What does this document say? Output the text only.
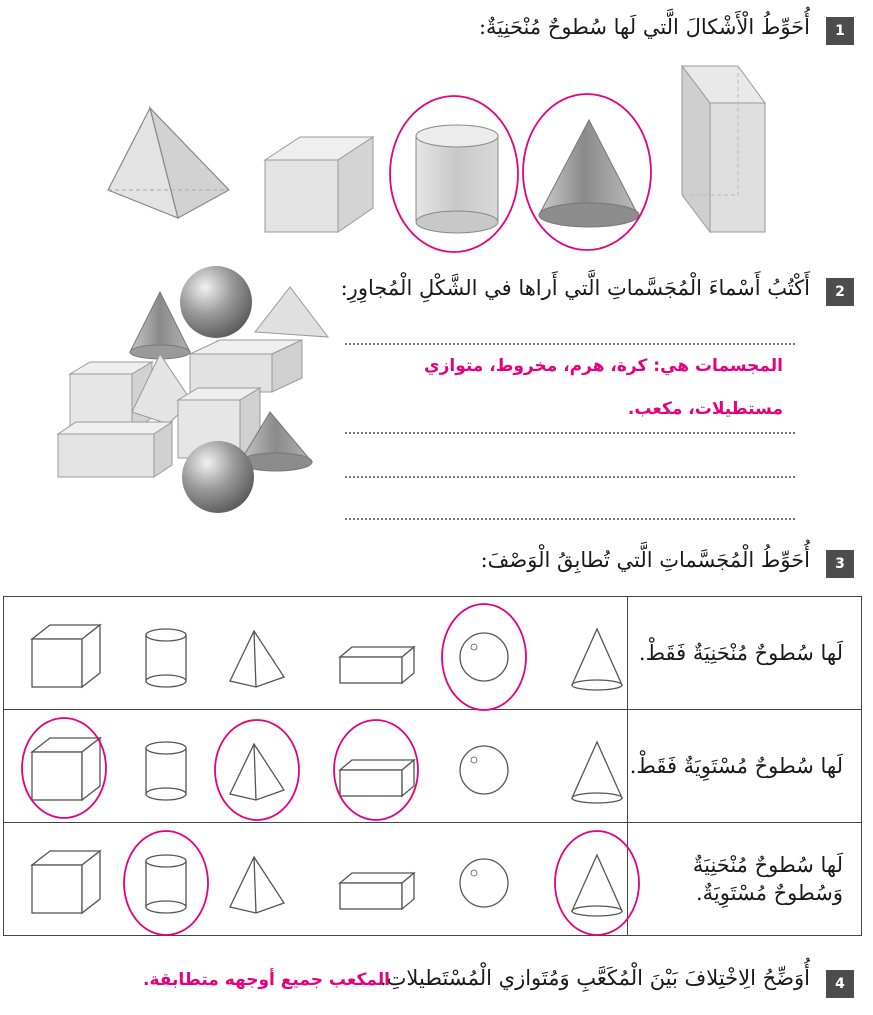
1
أُحَوِّطُ الْأَشْكالَ الَّتي لَها سُطوحٌ مُنْحَنِيَةٌ:
2
أَكْتُبُ أَسْماءَ الْمُجَسَّماتِ الَّتي أَراها في الشَّكْلِ الْمُجاوِرِ:
المجسمات هي: كرة، هرم، مخروط، متوازي
مستطيلات، مكعب.
3
أُحَوِّطُ الْمُجَسَّماتِ الَّتي تُطابِقُ الْوَصْفَ:
	لَها سُطوحٌ مُنْحَنِيَةٌ فَقَطْ.

	لَها سُطوحٌ مُسْتَوِيَةٌ فَقَطْ.

	لَها سُطوحٌ مُنْحَنِيَةٌ وَسُطوحٌ مُسْتَوِيَةٌ.
4
أُوَضِّحُ الِاخْتِلافَ بَيْنَ الْمُكَعَّبِ وَمُتَوازي الْمُسْتَطيلاتِ.
المكعب جميع أوجهه متطابقة.
